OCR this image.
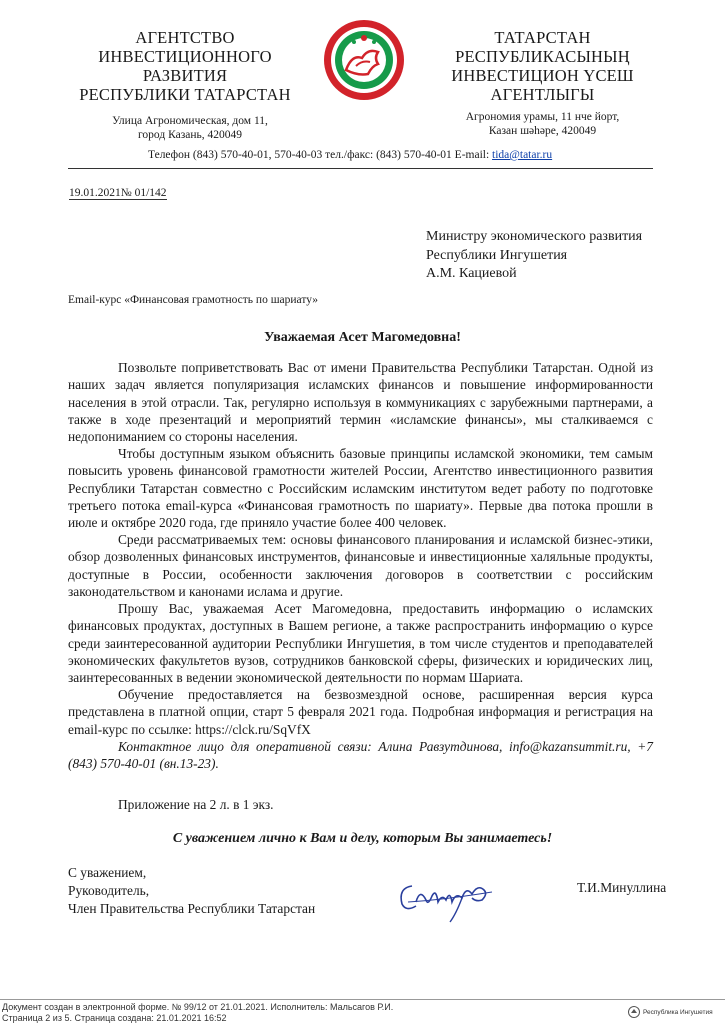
АГЕНТСТВО
ИНВЕСТИЦИОННОГО
РАЗВИТИЯ
РЕСПУБЛИКИ ТАТАРСТАН
Улица Агрономическая, дом 11,
город Казань, 420049
ТАТАРСТАН
РЕСПУБЛИКАСЫНЫҢ
ИНВЕСТИЦИОН ҮСЕШ
АГЕНТЛЫГЫ
Агрономия урамы, 11 нче йорт,
Казан шәһәре, 420049
Телефон (843) 570-40-01, 570-40-03 тел./факс: (843) 570-40-01 E-mail: tida@tatar.ru
19.01.2021№ 01/142
Министру экономического развития
Республики Ингушетия
А.М. Кациевой
Email-курс «Финансовая грамотность по шариату»
Уважаемая Асет Магомедовна!
Позвольте поприветствовать Вас от имени Правительства Республики Татарстан. Одной из наших задач является популяризация исламских финансов и повышение информированности населения в этой отрасли. Так, регулярно используя в коммуникациях с зарубежными партнерами, а также в ходе презентаций и мероприятий термин «исламские финансы», мы сталкиваемся с недопониманием со стороны населения.
Чтобы доступным языком объяснить базовые принципы исламской экономики, тем самым повысить уровень финансовой грамотности жителей России, Агентство инвестиционного развития Республики Татарстан совместно с Российским исламским институтом ведет работу по подготовке третьего потока email-курса «Финансовая грамотность по шариату». Первые два потока прошли в июле и октябре 2020 года, где приняло участие более 400 человек.
Среди рассматриваемых тем: основы финансового планирования и исламской бизнес-этики, обзор дозволенных финансовых инструментов, финансовые и инвестиционные халяльные продукты, доступные в России, особенности заключения договоров в соответствии с российским законодательством и канонами ислама и другие.
Прошу Вас, уважаемая Асет Магомедовна, предоставить информацию о исламских финансовых продуктах, доступных в Вашем регионе, а также распространить информацию о курсе среди заинтересованной аудитории Республики Ингушетия, в том числе студентов и преподавателей экономических факультетов вузов, сотрудников банковской сферы, физических и юридических лиц, заинтересованных в ведении экономической деятельности по нормам Шариата.
Обучение предоставляется на безвозмездной основе, расширенная версия курса представлена в платной опции, старт 5 февраля 2021 года. Подробная информация и регистрация на email-курс по ссылке: https://clck.ru/SqVfX
Контактное лицо для оперативной связи: Алина Равзутдинова, info@kazansummit.ru, +7 (843) 570-40-01 (вн.13-23).
Приложение на 2 л. в 1 экз.
С уважением лично к Вам и делу, которым Вы занимаетесь!
С уважением,
Руководитель,
Член Правительства Республики Татарстан
Т.И.Минуллина
Документ создан в электронной форме. № 99/12 от 21.01.2021. Исполнитель: Мальсагов Р.И.
Страница 2 из 5. Страница создана: 21.01.2021 16:52
Республика Ингушетия
